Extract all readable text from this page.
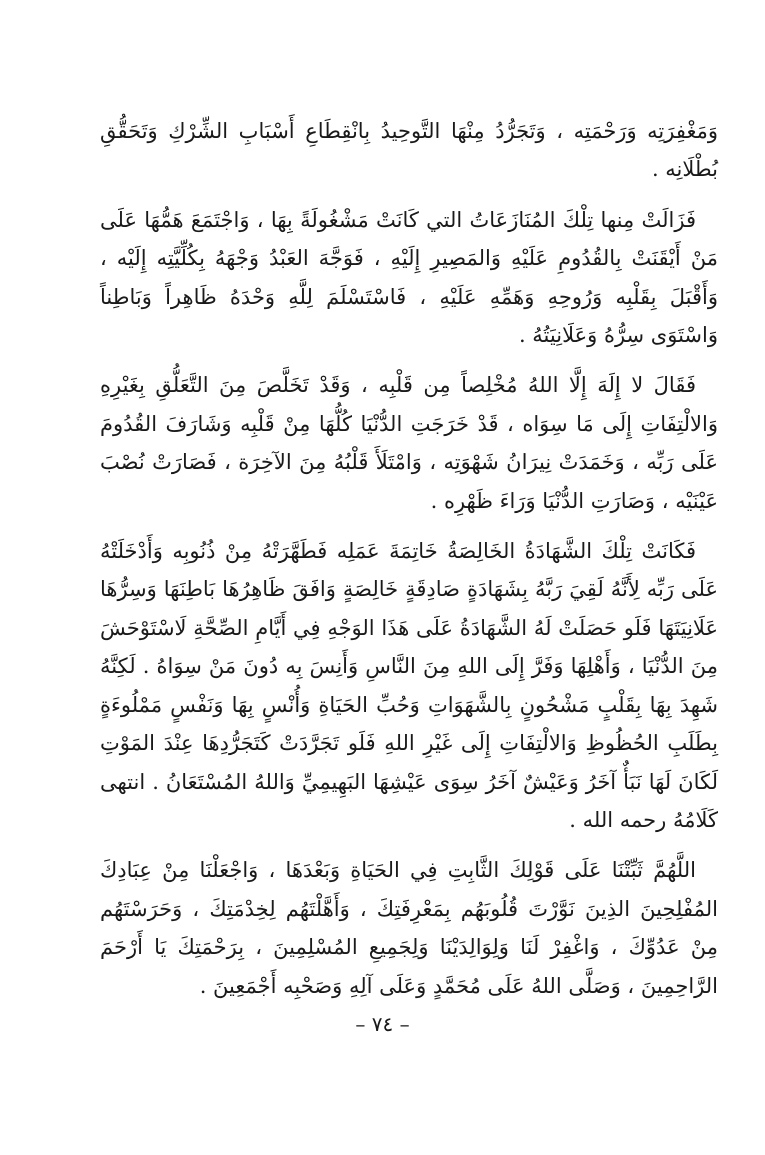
وَمَغْفِرَتِه وَرَحْمَتِه ، وَتَجَرُّدُ مِنْهَا التَّوحِيدُ بِانْقِطَاعِ أَسْبَابِ الشِّرْكِ وَتَحَقُّقِ بُطْلَانِه .

فَزَالَتْ مِنها تِلْكَ المُنَازَعَاتُ التي كَانَتْ مَشْغُولَةً بِهَا ، وَاجْتَمَعَ هَمُّهَا عَلَى مَنْ أَيْقَنَتْ بِالقُدُومِ عَلَيْهِ وَالمَصِيرِ إِلَيْهِ ، فَوَجَّهَ العَبْدُ وَجْهَهُ بِكُلِّيَّتِه إِلَيْه ، وَأَقْبَلَ بِقَلْبِه وَرُوحِهِ وَهَمِّهِ عَلَيْهِ ، فَاسْتَسْلَمَ لِلَّهِ وَحْدَهُ ظَاهِراً وَبَاطِناً وَاسْتَوَى سِرُّهُ وَعَلَانِيَتُهُ .

فَقَالَ لا إِلَهَ إِلَّا اللهُ مُخْلِصاً مِن قَلْبِه ، وَقَدْ تَخَلَّصَ مِنَ التَّعَلُّقِ بِغَيْرِهِ وَالالْتِفَاتِ إِلَى مَا سِوَاه ، قَدْ خَرَجَتِ الدُّنْيَا كُلُّهَا مِنْ قَلْبِه وَشَارَفَ القُدُومَ عَلَى رَبِّه ، وَخَمَدَتْ نِيرَانُ شَهْوَتِه ، وَامْتَلَأَ قَلْبُهُ مِنَ الآخِرَة ، فَصَارَتْ نُصْبَ عَيْنَيْه ، وَصَارَتِ الدُّنْيَا وَرَاءَ ظَهْرِه .

فَكَانَتْ تِلْكَ الشَّهَادَةُ الخَالِصَةُ خَاتِمَةَ عَمَلِه فَطَهَّرَتْهُ مِنْ ذُنُوبِه وَأَدْخَلَتْهُ عَلَى رَبِّه لِأَنَّهُ لَقِيَ رَبَّهُ بِشَهَادَةٍ صَادِقَةٍ خَالِصَةٍ وَافَقَ ظَاهِرُهَا بَاطِنَهَا وَسِرُّهَا عَلَانِيَتَهَا فَلَو حَصَلَتْ لَهُ الشَّهَادَةُ عَلَى هَذَا الوَجْهِ فِي أَيَّامِ الصِّحَّةِ لَاسْتَوْحَشَ مِنَ الدُّنْيَا ، وَأَهْلِهَا وَفَرَّ إِلَى اللهِ مِنَ النَّاسِ وَأَنِسَ بِه دُونَ مَنْ سِوَاهُ . لَكِنَّهُ شَهِدَ بِهَا بِقَلْبٍ مَشْحُونٍ بِالشَّهَوَاتِ وَحُبِّ الحَيَاةِ وَأُنْسٍ بِهَا وَنَفْسٍ مَمْلُوءَةٍ بِطَلَبِ الحُظُوظِ وَالالْتِفَاتِ إِلَى غَيْرِ اللهِ فَلَو تَجَرَّدَتْ كَتَجَرُّدِهَا عِنْدَ المَوْتِ لَكَانَ لَهَا نَبَأٌ آخَرُ وَعَيْشٌ آخَرُ سِوَى عَيْشِهَا البَهِيمِيِّ وَاللهُ المُسْتَعَانُ . انتهى كَلَامُهُ رحمه الله .

اللَّهُمَّ ثَبِّتْنَا عَلَى قَوْلِكَ الثَّابِتِ فِي الحَيَاةِ وَبَعْدَهَا ، وَاجْعَلْنَا مِنْ عِبَادِكَ المُفْلِحِينَ الذِينَ نَوَّرْتَ قُلُوبَهُم بِمَعْرِفَتِكَ ، وَأَهَّلْتَهُم لِخِدْمَتِكَ ، وَحَرَسْتَهُم مِنْ عَدُوِّكَ ، وَاغْفِرْ لَنَا وَلِوَالِدَيْنَا وَلِجَمِيعِ المُسْلِمِينَ ، بِرَحْمَتِكَ يَا أَرْحَمَ الرَّاحِمِينَ ، وَصَلَّى اللهُ عَلَى مُحَمَّدٍ وَعَلَى آلِهِ وَصَحْبِه أَجْمَعِينَ .

– ٧٤ –
